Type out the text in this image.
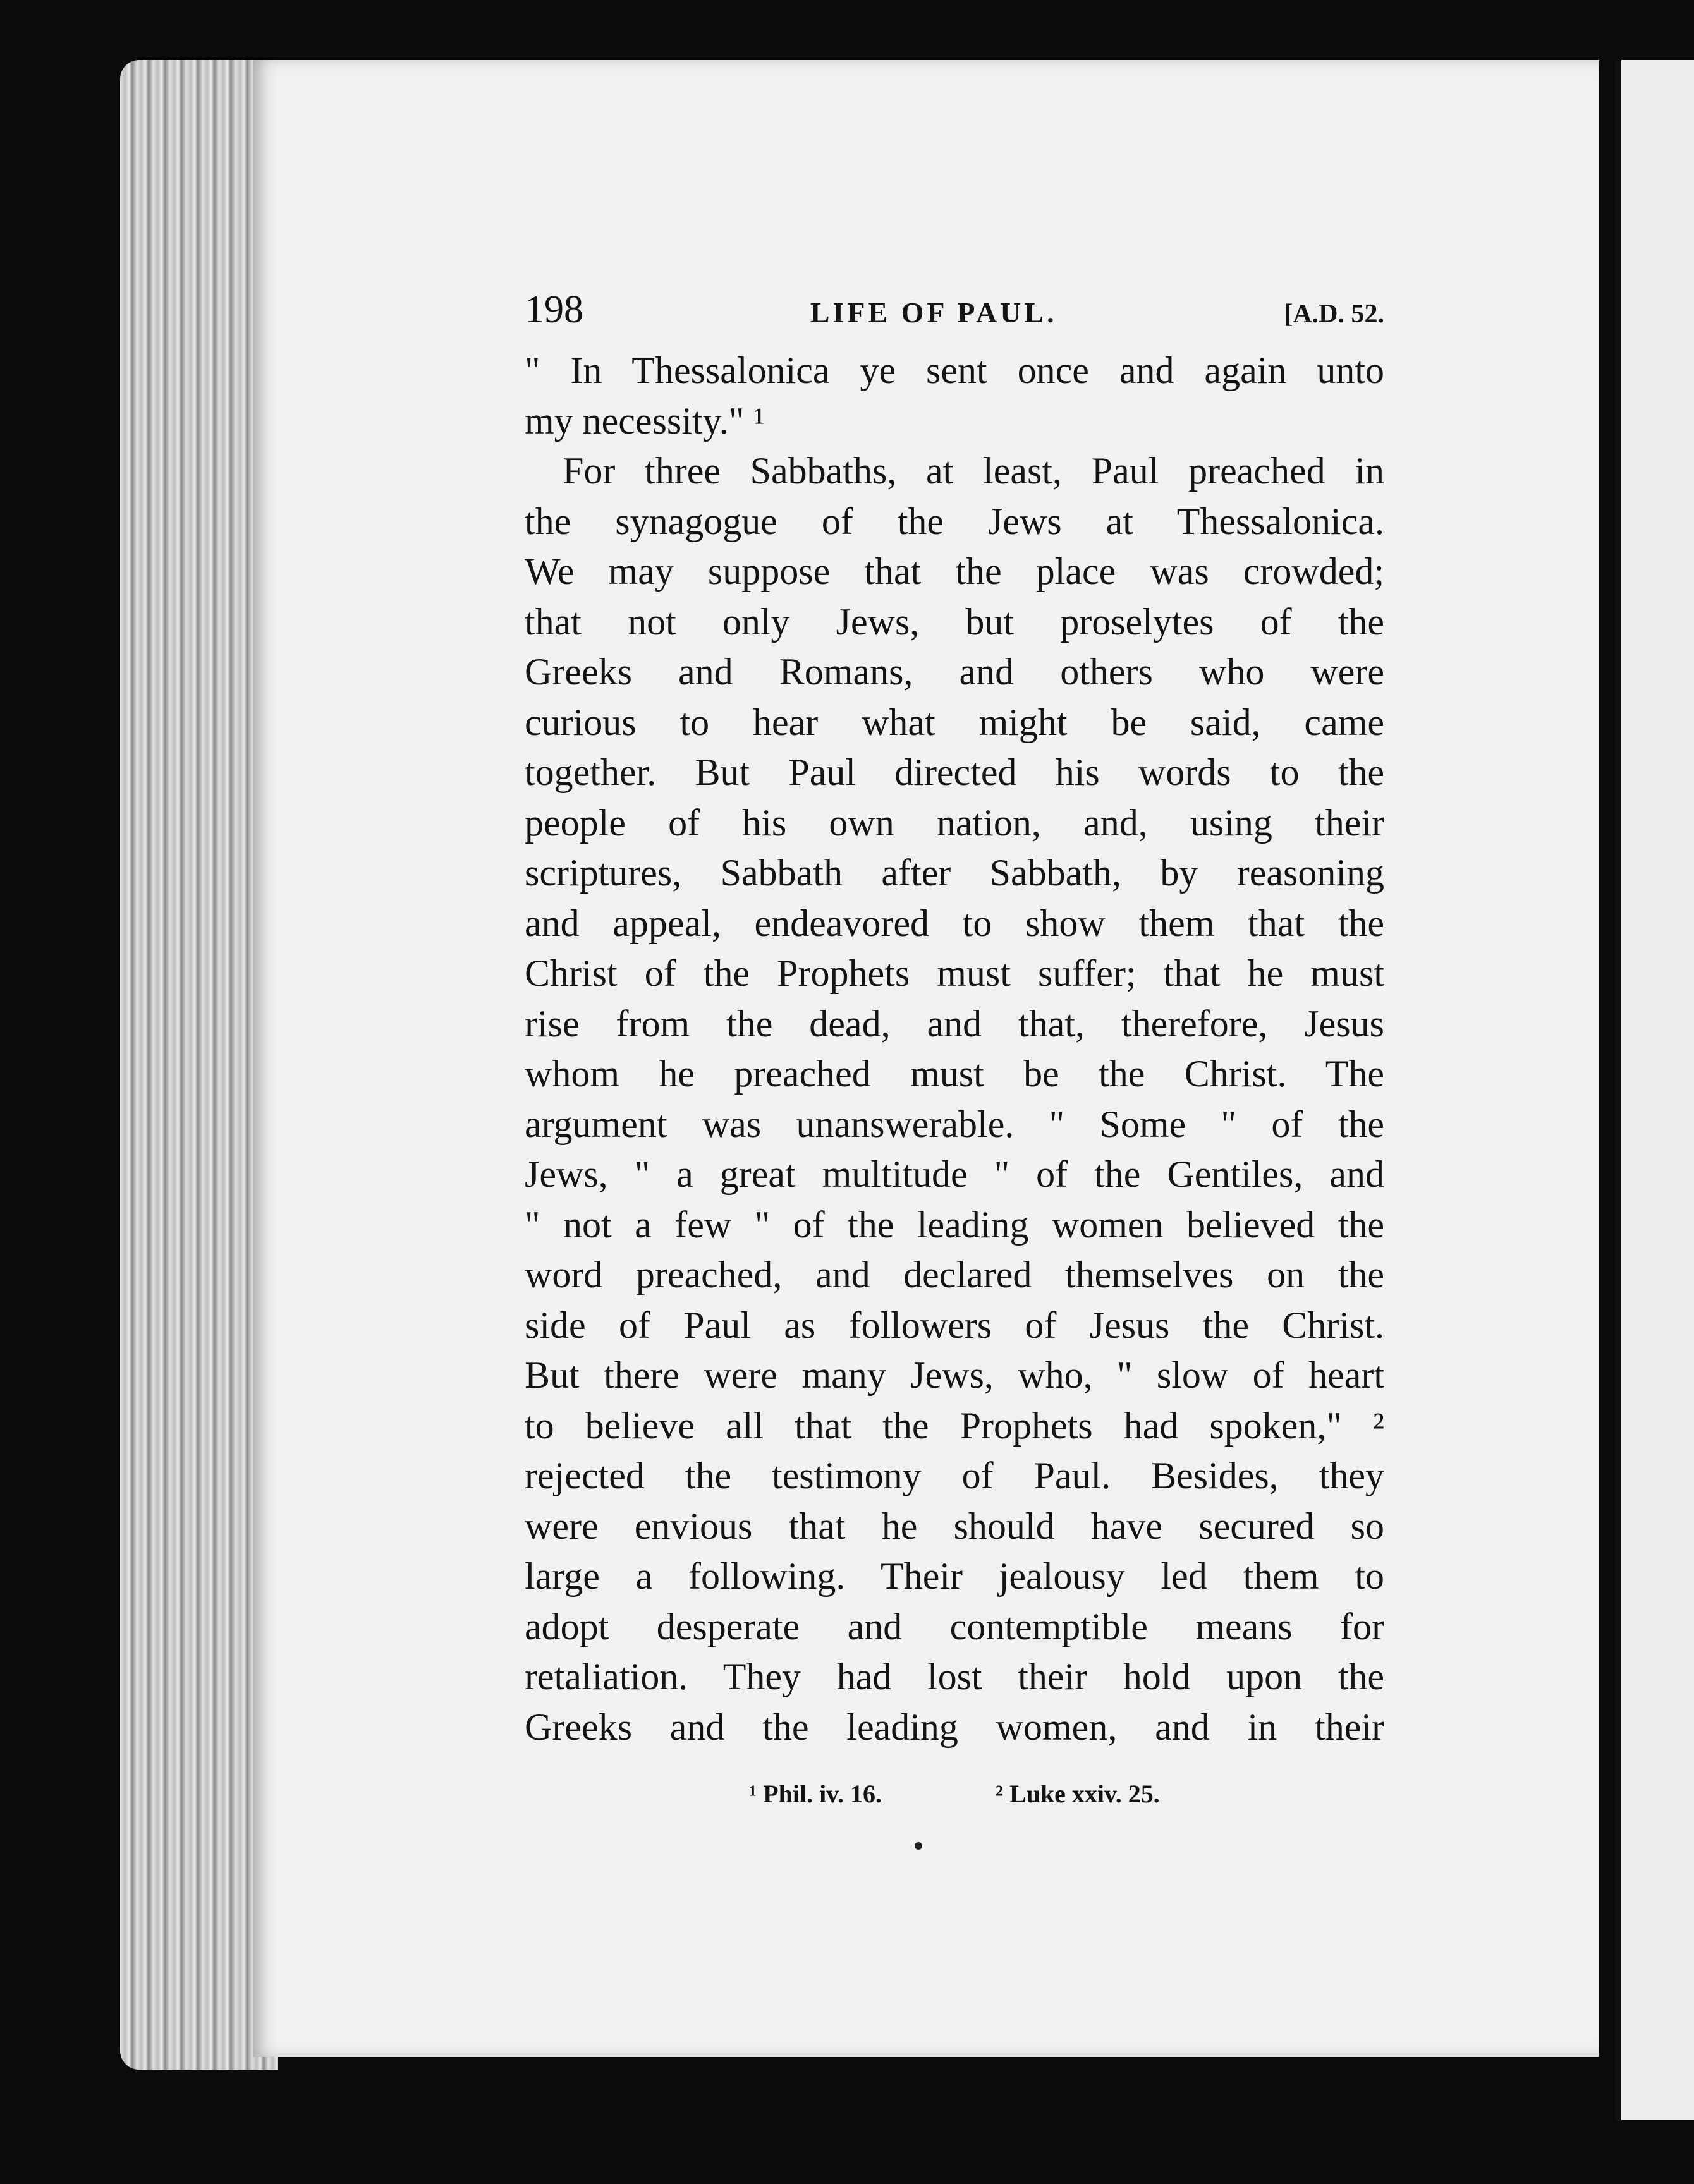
198	LIFE OF PAUL.	[A.D. 52.
" In Thessalonica ye sent once and again unto
my necessity." ¹
For three Sabbaths, at least, Paul preached in
the synagogue of the Jews at Thessalonica.
We may suppose that the place was crowded;
that not only Jews, but proselytes of the
Greeks and Romans, and others who were
curious to hear what might be said, came
together. But Paul directed his words to the
people of his own nation, and, using their
scriptures, Sabbath after Sabbath, by reasoning
and appeal, endeavored to show them that the
Christ of the Prophets must suffer; that he must
rise from the dead, and that, therefore, Jesus
whom he preached must be the Christ. The
argument was unanswerable. " Some " of the
Jews, " a great multitude " of the Gentiles, and
" not a few " of the leading women believed the
word preached, and declared themselves on the
side of Paul as followers of Jesus the Christ.
But there were many Jews, who, " slow of heart
to believe all that the Prophets had spoken," ²
rejected the testimony of Paul. Besides, they
were envious that he should have secured so
large a following. Their jealousy led them to
adopt desperate and contemptible means for
retaliation. They had lost their hold upon the
Greeks and the leading women, and in their
¹ Phil. iv. 16.	² Luke xxiv. 25.
